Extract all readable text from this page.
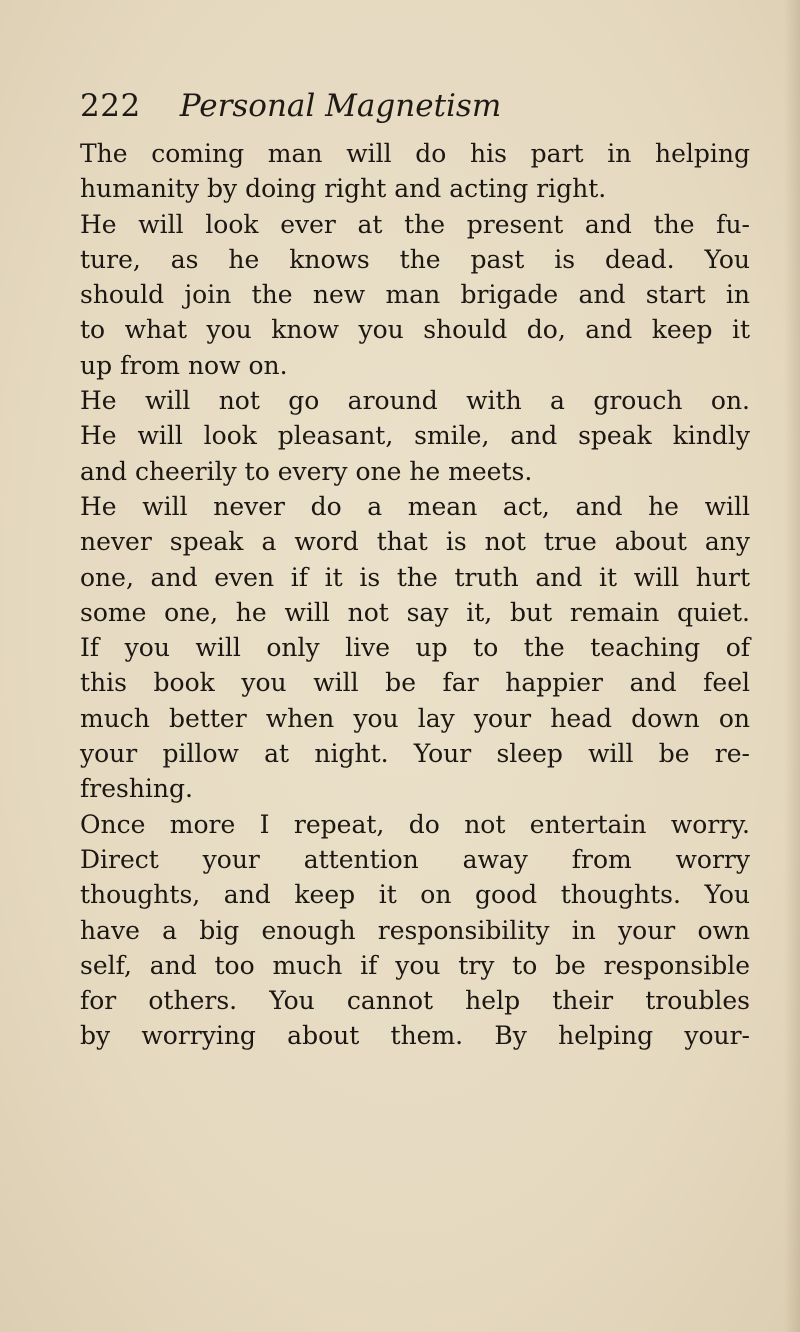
222 Personal Magnetism
The coming man will do his part in helping
humanity by doing right and acting right.
He will look ever at the present and the fu-
ture, as he knows the past is dead. You
should join the new man brigade and start in
to what you know you should do, and keep it
up from now on.
He will not go around with a grouch on.
He will look pleasant, smile, and speak kindly
and cheerily to every one he meets.
He will never do a mean act, and he will
never speak a word that is not true about any
one, and even if it is the truth and it will hurt
some one, he will not say it, but remain quiet.
If you will only live up to the teaching of
this book you will be far happier and feel
much better when you lay your head down on
your pillow at night. Your sleep will be re-
freshing.
Once more I repeat, do not entertain worry.
Direct your attention away from worry
thoughts, and keep it on good thoughts. You
have a big enough responsibility in your own
self, and too much if you try to be responsible
for others. You cannot help their troubles
by worrying about them. By helping your-
